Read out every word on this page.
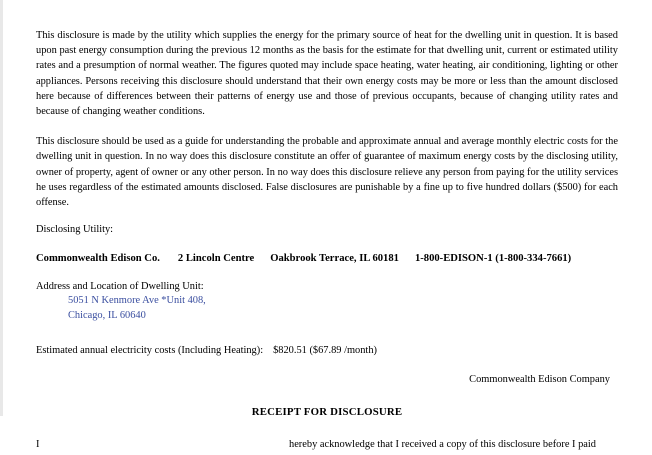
This disclosure is made by the utility which supplies the energy for the primary source of heat for the dwelling unit in question. It is based upon past energy consumption during the previous 12 months as the basis for the estimate for that dwelling unit, current or estimated utility rates and a presumption of normal weather. The figures quoted may include space heating, water heating, air conditioning, lighting or other appliances. Persons receiving this disclosure should understand that their own energy costs may be more or less than the amount disclosed here because of differences between their patterns of energy use and those of previous occupants, because of changing utility rates and because of changing weather conditions.

This disclosure should be used as a guide for understanding the probable and approximate annual and average monthly electric costs for the dwelling unit in question. In no way does this disclosure constitute an offer of guarantee of maximum energy costs by the disclosing utility, owner of property, agent of owner or any other person. In no way does this disclosure relieve any person from paying for the utility services he uses regardless of the estimated amounts disclosed. False disclosures are punishable by a fine up to five hundred dollars ($500) for each offense.

Disclosing Utility:
Commonwealth Edison Co. 2 Lincoln Centre Oakbrook Terrace, IL 60181 1-800-EDISON-1 (1-800-334-7661)
Address and Location of Dwelling Unit:
5051 N Kenmore Ave *Unit 408,
Chicago, IL 60640
Estimated annual electricity costs (Including Heating): $820.51 ($67.89 /month)
Commonwealth Edison Company
RECEIPT FOR DISCLOSURE
I	hereby acknowledge that I received a copy of this disclosure before I paid
